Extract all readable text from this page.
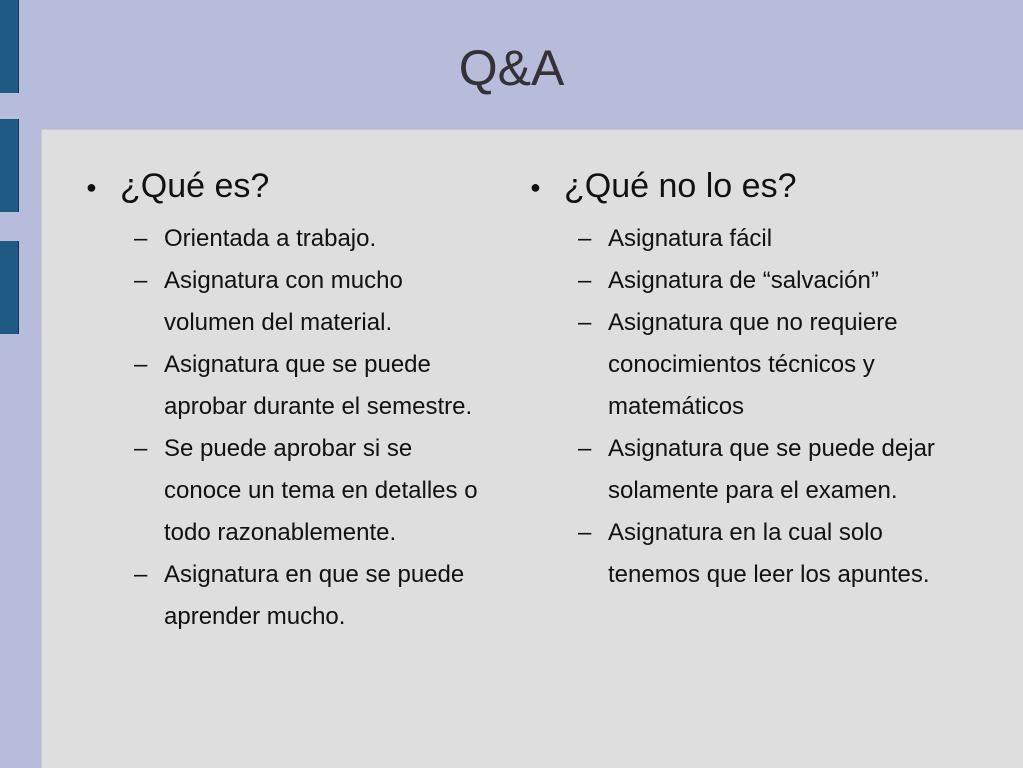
Q&A
● ¿Qué es?
– Orientada a trabajo.
– Asignatura con mucho volumen del material.
– Asignatura que se puede aprobar durante el semestre.
– Se puede aprobar si se conoce un tema en detalles o todo razonablemente.
– Asignatura en que se puede aprender mucho.
● ¿Qué no lo es?
– Asignatura fácil
– Asignatura de “salvación”
– Asignatura que no requiere conocimientos técnicos y matemáticos
– Asignatura que se puede dejar solamente para el examen.
– Asignatura en la cual solo tenemos que leer los apuntes.
